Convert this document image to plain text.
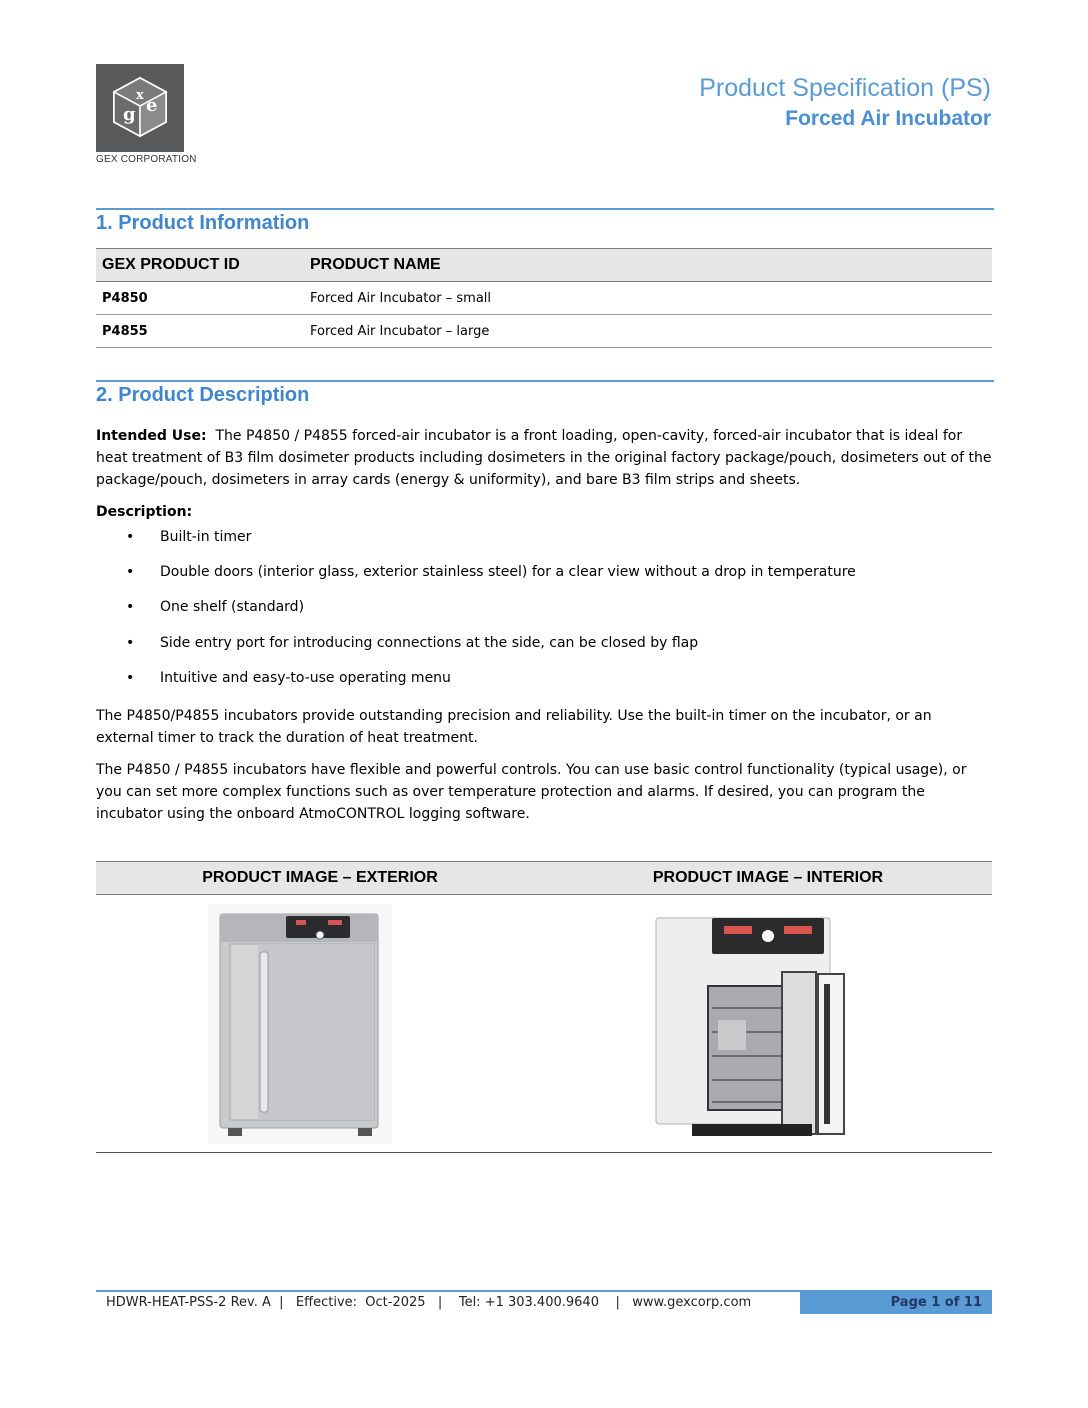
g e
x
GEX CORPORATION
Product Specification (PS)
Forced Air Incubator
1. Product Information
GEX PRODUCT ID	PRODUCT NAME
P4850	Forced Air Incubator – small
P4855	Forced Air Incubator – large
2. Product Description
Intended Use: The P4850 / P4855 forced-air incubator is a front loading, open-cavity, forced-air incubator that is ideal for heat treatment of B3 film dosimeter products including dosimeters in the original factory package/pouch, dosimeters out of the package/pouch, dosimeters in array cards (energy & uniformity), and bare B3 film strips and sheets.
Description:
• Built-in timer
• Double doors (interior glass, exterior stainless steel) for a clear view without a drop in temperature
• One shelf (standard)
• Side entry port for introducing connections at the side, can be closed by flap
• Intuitive and easy-to-use operating menu
The P4850/P4855 incubators provide outstanding precision and reliability. Use the built-in timer on the incubator, or an external timer to track the duration of heat treatment.
The P4850 / P4855 incubators have flexible and powerful controls. You can use basic control functionality (typical usage), or you can set more complex functions such as over temperature protection and alarms. If desired, you can program the incubator using the onboard AtmoCONTROL logging software.
PRODUCT IMAGE – EXTERIOR	PRODUCT IMAGE – INTERIOR
HDWR-HEAT-PSS-2 Rev. A  |   Effective:  Oct-2025   |    Tel: +1 303.400.9640    |   www.gexcorp.com	Page 1 of 11
